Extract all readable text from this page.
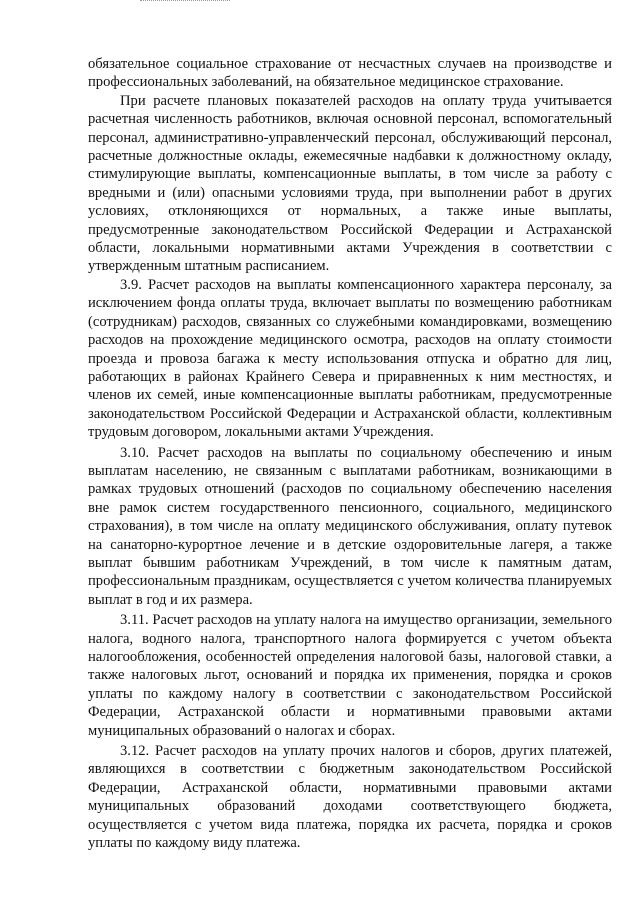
обязательное социальное страхование от несчастных случаев на производстве и профессиональных заболеваний, на обязательное медицинское страхование.

При расчете плановых показателей расходов на оплату труда учитывается расчетная численность работников, включая основной персонал, вспомогательный персонал, административно-управленческий персонал, обслуживающий персонал, расчетные должностные оклады, ежемесячные надбавки к должностному окладу, стимулирующие выплаты, компенсационные выплаты, в том числе за работу с вредными и (или) опасными условиями труда, при выполнении работ в других условиях, отклоняющихся от нормальных, а также иные выплаты, предусмотренные законодательством Российской Федерации и Астраханской области, локальными нормативными актами Учреждения в соответствии с утвержденным штатным расписанием.

3.9. Расчет расходов на выплаты компенсационного характера персоналу, за исключением фонда оплаты труда, включает выплаты по возмещению работникам (сотрудникам) расходов, связанных со служебными командировками, возмещению расходов на прохождение медицинского осмотра, расходов на оплату стоимости проезда и провоза багажа к месту использования отпуска и обратно для лиц, работающих в районах Крайнего Севера и приравненных к ним местностях, и членов их семей, иные компенсационные выплаты работникам, предусмотренные законодательством Российской Федерации и Астраханской области, коллективным трудовым договором, локальными актами Учреждения.

3.10. Расчет расходов на выплаты по социальному обеспечению и иным выплатам населению, не связанным с выплатами работникам, возникающими в рамках трудовых отношений (расходов по социальному обеспечению населения вне рамок систем государственного пенсионного, социального, медицинского страхования), в том числе на оплату медицинского обслуживания, оплату путевок на санаторно-курортное лечение и в детские оздоровительные лагеря, а также выплат бывшим работникам Учреждений, в том числе к памятным датам, профессиональным праздникам, осуществляется с учетом количества планируемых выплат в год и их размера.

3.11. Расчет расходов на уплату налога на имущество организации, земельного налога, водного налога, транспортного налога формируется с учетом объекта налогообложения, особенностей определения налоговой базы, налоговой ставки, а также налоговых льгот, оснований и порядка их применения, порядка и сроков уплаты по каждому налогу в соответствии с законодательством Российской Федерации, Астраханской области и нормативными правовыми актами муниципальных образований о налогах и сборах.

3.12. Расчет расходов на уплату прочих налогов и сборов, других платежей, являющихся в соответствии с бюджетным законодательством Российской Федерации, Астраханской области, нормативными правовыми актами муниципальных образований доходами соответствующего бюджета, осуществляется с учетом вида платежа, порядка их расчета, порядка и сроков уплаты по каждому виду платежа.
